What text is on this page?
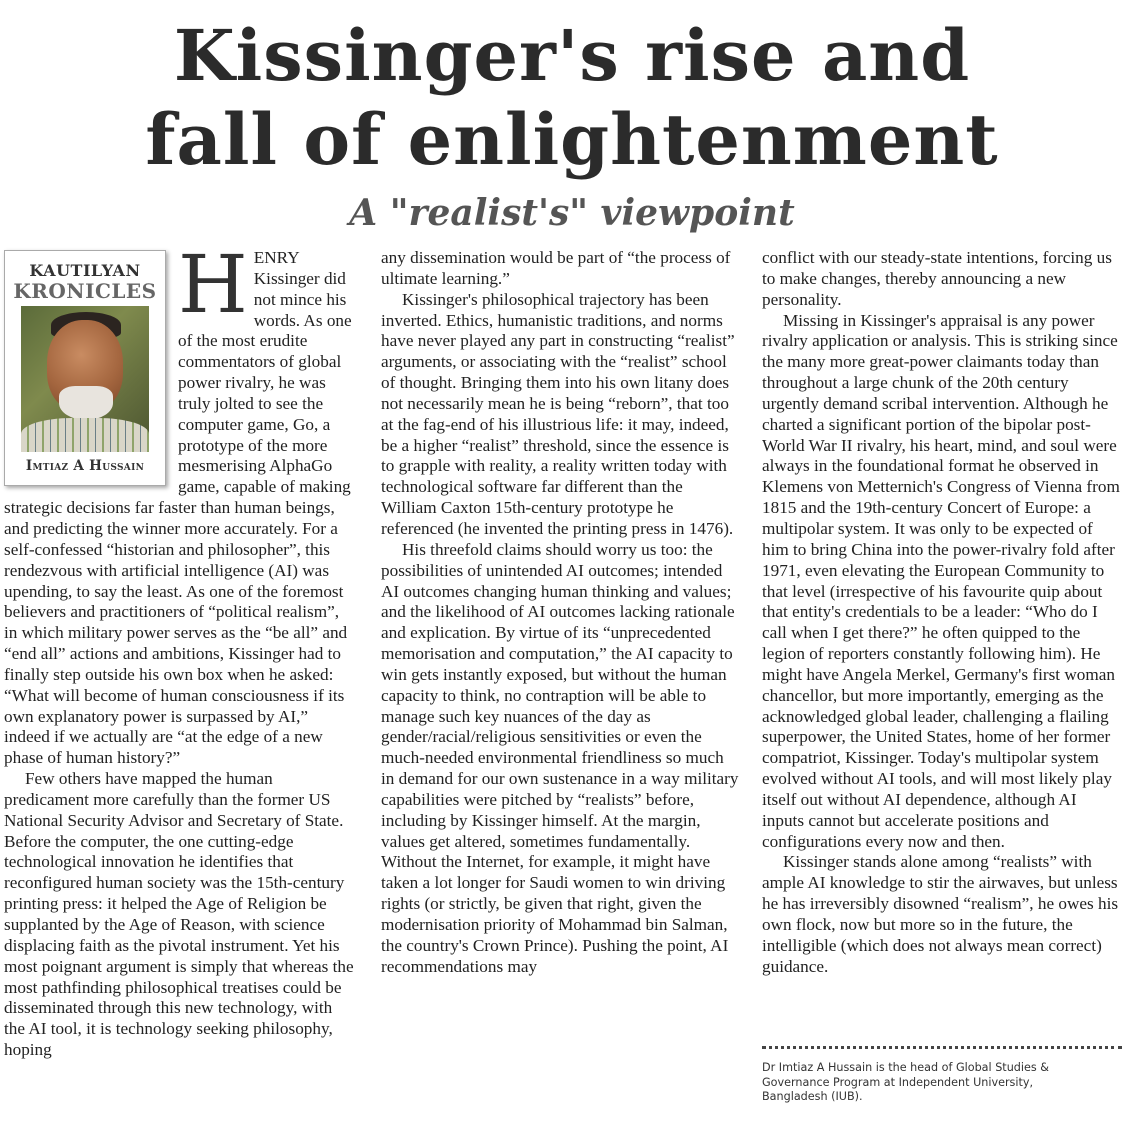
Kissinger's rise and
fall of enlightenment
A "realist's" viewpoint
KAUTILYAN
KRONICLES
Imtiaz A Hussain
H ENRY Kissinger did not mince his words. As one of the most erudite commentators of global power rivalry, he was truly jolted to see the computer game, Go, a prototype of the more mesmerising AlphaGo game, capable of making strategic decisions far faster than human beings, and predicting the winner more accurately. For a self-confessed “historian and philosopher”, this rendezvous with artificial intelligence (AI) was upending, to say the least. As one of the foremost believers and practitioners of “political realism”, in which military power serves as the “be all” and “end all” actions and ambitions, Kissinger had to finally step outside his own box when he asked: “What will become of human consciousness if its own explanatory power is surpassed by AI,” indeed if we actually are “at the edge of a new phase of human history?”

Few others have mapped the human predicament more carefully than the former US National Security Advisor and Secretary of State. Before the computer, the one cutting-edge technological innovation he identifies that reconfigured human society was the 15th-century printing press: it helped the Age of Religion be supplanted by the Age of Reason, with science displacing faith as the pivotal instrument. Yet his most poignant argument is simply that whereas the most pathfinding philosophical treatises could be disseminated through this new technology, with the AI tool, it is technology seeking philosophy, hoping

any dissemination would be part of “the process of ultimate learning.”

Kissinger's philosophical trajectory has been inverted. Ethics, humanistic traditions, and norms have never played any part in constructing “realist” arguments, or associating with the “realist” school of thought. Bringing them into his own litany does not necessarily mean he is being “reborn”, that too at the fag-end of his illustrious life: it may, indeed, be a higher “realist” threshold, since the essence is to grapple with reality, a reality written today with technological software far different than the William Caxton 15th-century prototype he referenced (he invented the printing press in 1476).

His threefold claims should worry us too: the possibilities of unintended AI outcomes; intended AI outcomes changing human thinking and values; and the likelihood of AI outcomes lacking rationale and explication. By virtue of its “unprecedented memorisation and computation,” the AI capacity to win gets instantly exposed, but without the human capacity to think, no contraption will be able to manage such key nuances of the day as gender/racial/religious sensitivities or even the much-needed environmental friendliness so much in demand for our own sustenance in a way military capabilities were pitched by “realists” before, including by Kissinger himself. At the margin, values get altered, sometimes fundamentally. Without the Internet, for example, it might have taken a lot longer for Saudi women to win driving rights (or strictly, be given that right, given the modernisation priority of Mohammad bin Salman, the country's Crown Prince). Pushing the point, AI recommendations may

conflict with our steady-state intentions, forcing us to make changes, thereby announcing a new personality.

Missing in Kissinger's appraisal is any power rivalry application or analysis. This is striking since the many more great-power claimants today than throughout a large chunk of the 20th century urgently demand scribal intervention. Although he charted a significant portion of the bipolar post-World War II rivalry, his heart, mind, and soul were always in the foundational format he observed in Klemens von Metternich's Congress of Vienna from 1815 and the 19th-century Concert of Europe: a multipolar system. It was only to be expected of him to bring China into the power-rivalry fold after 1971, even elevating the European Community to that level (irrespective of his favourite quip about that entity's credentials to be a leader: “Who do I call when I get there?” he often quipped to the legion of reporters constantly following him). He might have Angela Merkel, Germany's first woman chancellor, but more importantly, emerging as the acknowledged global leader, challenging a flailing superpower, the United States, home of her former compatriot, Kissinger. Today's multipolar system evolved without AI tools, and will most likely play itself out without AI dependence, although AI inputs cannot but accelerate positions and configurations every now and then.

Kissinger stands alone among “realists” with ample AI knowledge to stir the airwaves, but unless he has irreversibly disowned “realism”, he owes his own flock, now but more so in the future, the intelligible (which does not always mean correct) guidance.

Dr Imtiaz A Hussain is the head of Global Studies & Governance Program at Independent University, Bangladesh (IUB).
